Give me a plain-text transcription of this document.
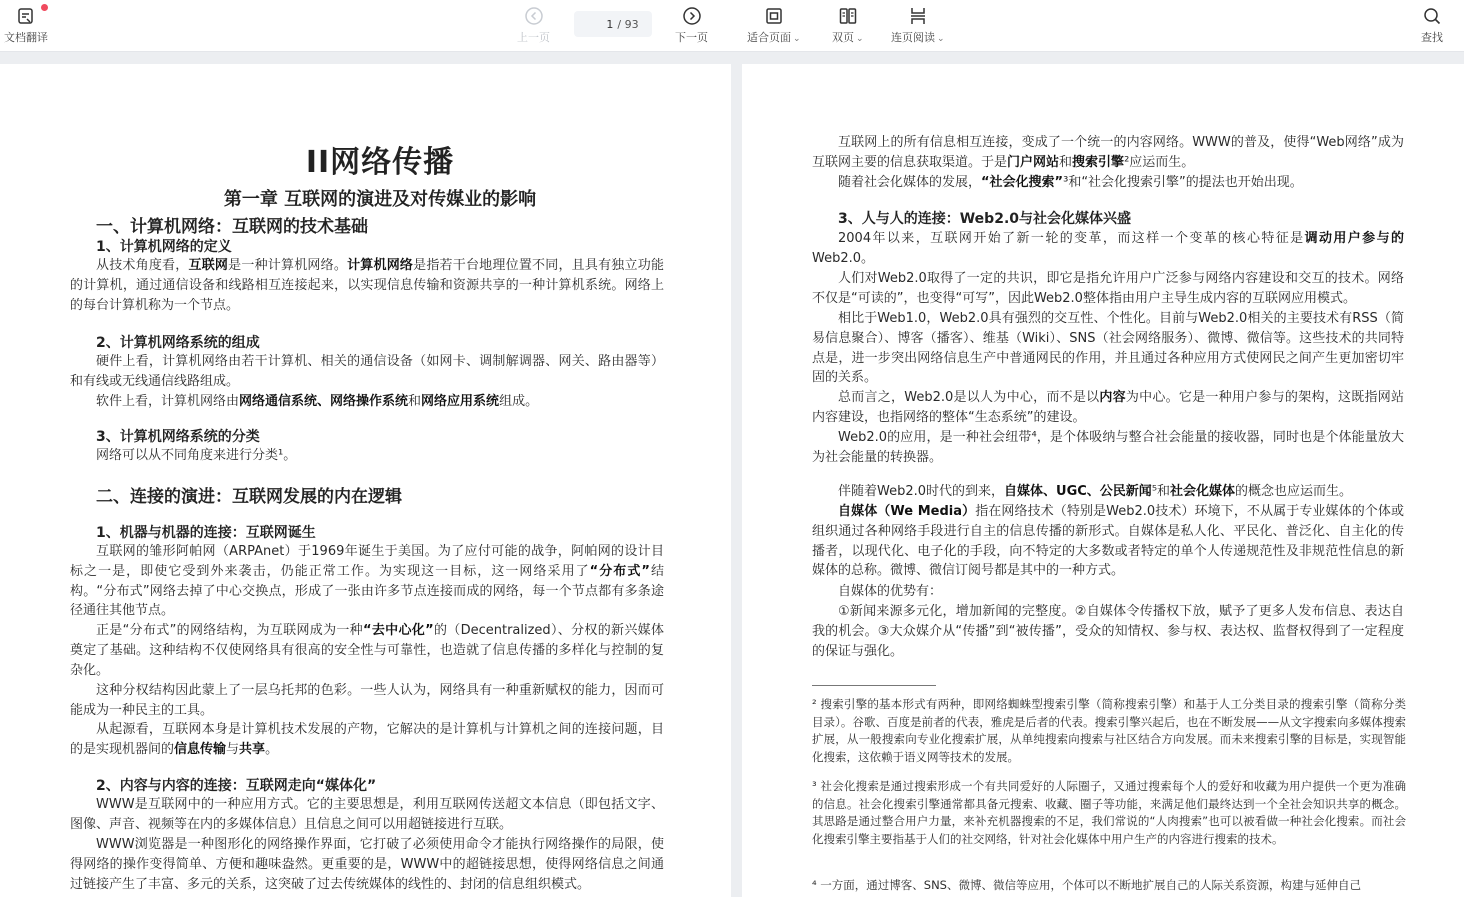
文档翻译	上一页
1
/ 93
下一页	适合页面 ⌄	双页 ⌄ 连页阅读 ⌄	查找
II网络传播
第一章 互联网的演进及对传媒业的影响
一、计算机网络：互联网的技术基础
1、计算机网络的定义
从技术角度看，互联网是一种计算机网络。计算机网络是指若干台地理位置不同，且具有独立功能的计算机，通过通信设备和线路相互连接起来，以实现信息传输和资源共享的一种计算机系统。网络上的每台计算机称为一个节点。
2、计算机网络系统的组成
硬件上看，计算机网络由若干计算机、相关的通信设备（如网卡、调制解调器、网关、路由器等）和有线或无线通信线路组成。
软件上看，计算机网络由网络通信系统、网络操作系统和网络应用系统组成。
3、计算机网络系统的分类
网络可以从不同角度来进行分类¹。
二、连接的演进：互联网发展的内在逻辑
1、机器与机器的连接：互联网诞生
互联网的雏形阿帕网（ARPAnet）于1969年诞生于美国。为了应付可能的战争，阿帕网的设计目标之一是，即使它受到外来袭击，仍能正常工作。为实现这一目标，这一网络采用了“分布式”结构。“分布式”网络去掉了中心交换点，形成了一张由许多节点连接而成的网络，每一个节点都有多条途径通往其他节点。
正是“分布式”的网络结构，为互联网成为一种“去中心化”的（Decentralized）、分权的新兴媒体奠定了基础。这种结构不仅使网络具有很高的安全性与可靠性，也造就了信息传播的多样化与控制的复杂化。
这种分权结构因此蒙上了一层乌托邦的色彩。一些人认为，网络具有一种重新赋权的能力，因而可能成为一种民主的工具。
从起源看，互联网本身是计算机技术发展的产物，它解决的是计算机与计算机之间的连接问题，目的是实现机器间的信息传输与共享。
2、内容与内容的连接：互联网走向“媒体化”
WWW是互联网中的一种应用方式。它的主要思想是，利用互联网传送超文本信息（即包括文字、图像、声音、视频等在内的多媒体信息）且信息之间可以用超链接进行互联。
WWW浏览器是一种图形化的网络操作界面，它打破了必须使用命令才能执行网络操作的局限，使得网络的操作变得简单、方便和趣味盎然。更重要的是，WWW中的超链接思想，使得网络信息之间通过链接产生了丰富、多元的关系，这突破了过去传统媒体的线性的、封闭的信息组织模式。
互联网上的所有信息相互连接，变成了一个统一的内容网络。WWW的普及，使得“Web网络”成为互联网主要的信息获取渠道。于是门户网站和搜索引擎²应运而生。
随着社会化媒体的发展，“社会化搜索”³和“社会化搜索引擎”的提法也开始出现。
3、人与人的连接：Web2.0与社会化媒体兴盛
2004年以来，互联网开始了新一轮的变革，而这样一个变革的核心特征是调动用户参与的Web2.0。
人们对Web2.0取得了一定的共识，即它是指允许用户广泛参与网络内容建设和交互的技术。网络不仅是“可读的”，也变得“可写”，因此Web2.0整体指由用户主导生成内容的互联网应用模式。
相比于Web1.0，Web2.0具有强烈的交互性、个性化。目前与Web2.0相关的主要技术有RSS（简易信息聚合）、博客（播客）、维基（Wiki）、SNS（社会网络服务）、微博、微信等。这些技术的共同特点是，进一步突出网络信息生产中普通网民的作用，并且通过各种应用方式使网民之间产生更加密切牢固的关系。
总而言之，Web2.0是以人为中心，而不是以内容为中心。它是一种用户参与的架构，这既指网站内容建设，也指网络的整体“生态系统”的建设。
Web2.0的应用，是一种社会纽带⁴，是个体吸纳与整合社会能量的接收器，同时也是个体能量放大为社会能量的转换器。
伴随着Web2.0时代的到来，自媒体、UGC、公民新闻⁵和社会化媒体的概念也应运而生。
自媒体（We Media）指在网络技术（特别是Web2.0技术）环境下，不从属于专业媒体的个体或组织通过各种网络手段进行自主的信息传播的新形式。自媒体是私人化、平民化、普泛化、自主化的传播者，以现代化、电子化的手段，向不特定的大多数或者特定的单个人传递规范性及非规范性信息的新媒体的总称。微博、微信订阅号都是其中的一种方式。
自媒体的优势有：
①新闻来源多元化，增加新闻的完整度。②自媒体令传播权下放，赋予了更多人发布信息、表达自我的机会。③大众媒介从“传播”到“被传播”，受众的知情权、参与权、表达权、监督权得到了一定程度的保证与强化。
² 搜索引擎的基本形式有两种，即网络蜘蛛型搜索引擎（简称搜索引擎）和基于人工分类目录的搜索引擎（简称分类目录）。谷歌、百度是前者的代表，雅虎是后者的代表。搜索引擎兴起后，也在不断发展——从文字搜索向多媒体搜索扩展，从一般搜索向专业化搜索扩展，从单纯搜索向搜索与社区结合方向发展。而未来搜索引擎的目标是，实现智能化搜索，这依赖于语义网等技术的发展。
³ 社会化搜索是通过搜索形成一个有共同爱好的人际圈子，又通过搜索每个人的爱好和收藏为用户提供一个更为准确的信息。社会化搜索引擎通常都具备元搜索、收藏、圈子等功能，来满足他们最终达到一个全社会知识共享的概念。其思路是通过整合用户力量，来补充机器搜索的不足，我们常说的“人肉搜索”也可以被看做一种社会化搜索。而社会化搜索引擎主要指基于人们的社交网络，针对社会化媒体中用户生产的内容进行搜索的技术。
⁴ 一方面，通过博客、SNS、微博、微信等应用，个体可以不断地扩展自己的人际关系资源，构建与延伸自己
